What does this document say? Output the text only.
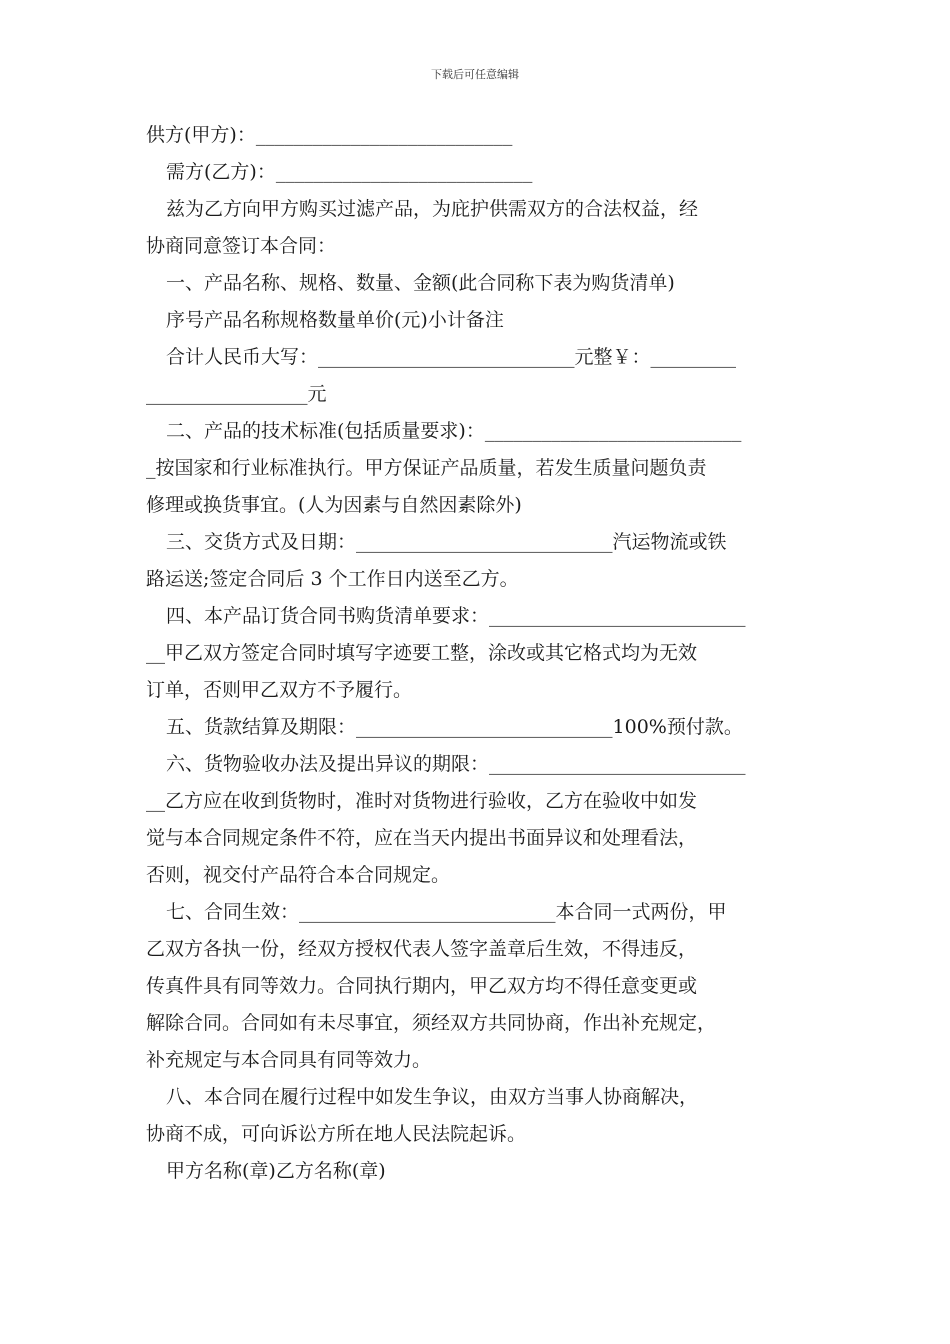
下载后可任意编辑
供方(甲方)：___________________________
需方(乙方)：___________________________
兹为乙方向甲方购买过滤产品，为庇护供需双方的合法权益，经
协商同意签订本合同：
一、产品名称、规格、数量、金额(此合同称下表为购货清单)
序号产品名称规格数量单价(元)小计备注
合计人民币大写：___________________________元整￥：_________
_________________元
二、产品的技术标准(包括质量要求)：___________________________
_按国家和行业标准执行。甲方保证产品质量，若发生质量问题负责
修理或换货事宜。(人为因素与自然因素除外)
三、交货方式及日期：___________________________汽运物流或铁
路运送;签定合同后 3 个工作日内送至乙方。
四、本产品订货合同书购货清单要求：___________________________
__甲乙双方签定合同时填写字迹要工整，涂改或其它格式均为无效
订单，否则甲乙双方不予履行。
五、货款结算及期限：___________________________100%预付款。
六、货物验收办法及提出异议的期限：___________________________
__乙方应在收到货物时，准时对货物进行验收，乙方在验收中如发
觉与本合同规定条件不符，应在当天内提出书面异议和处理看法，
否则，视交付产品符合本合同规定。
七、合同生效：___________________________本合同一式两份，甲
乙双方各执一份，经双方授权代表人签字盖章后生效，不得违反，
传真件具有同等效力。合同执行期内，甲乙双方均不得任意变更或
解除合同。合同如有未尽事宜，须经双方共同协商，作出补充规定，
补充规定与本合同具有同等效力。
八、本合同在履行过程中如发生争议，由双方当事人协商解决，
协商不成，可向诉讼方所在地人民法院起诉。
甲方名称(章)乙方名称(章)
